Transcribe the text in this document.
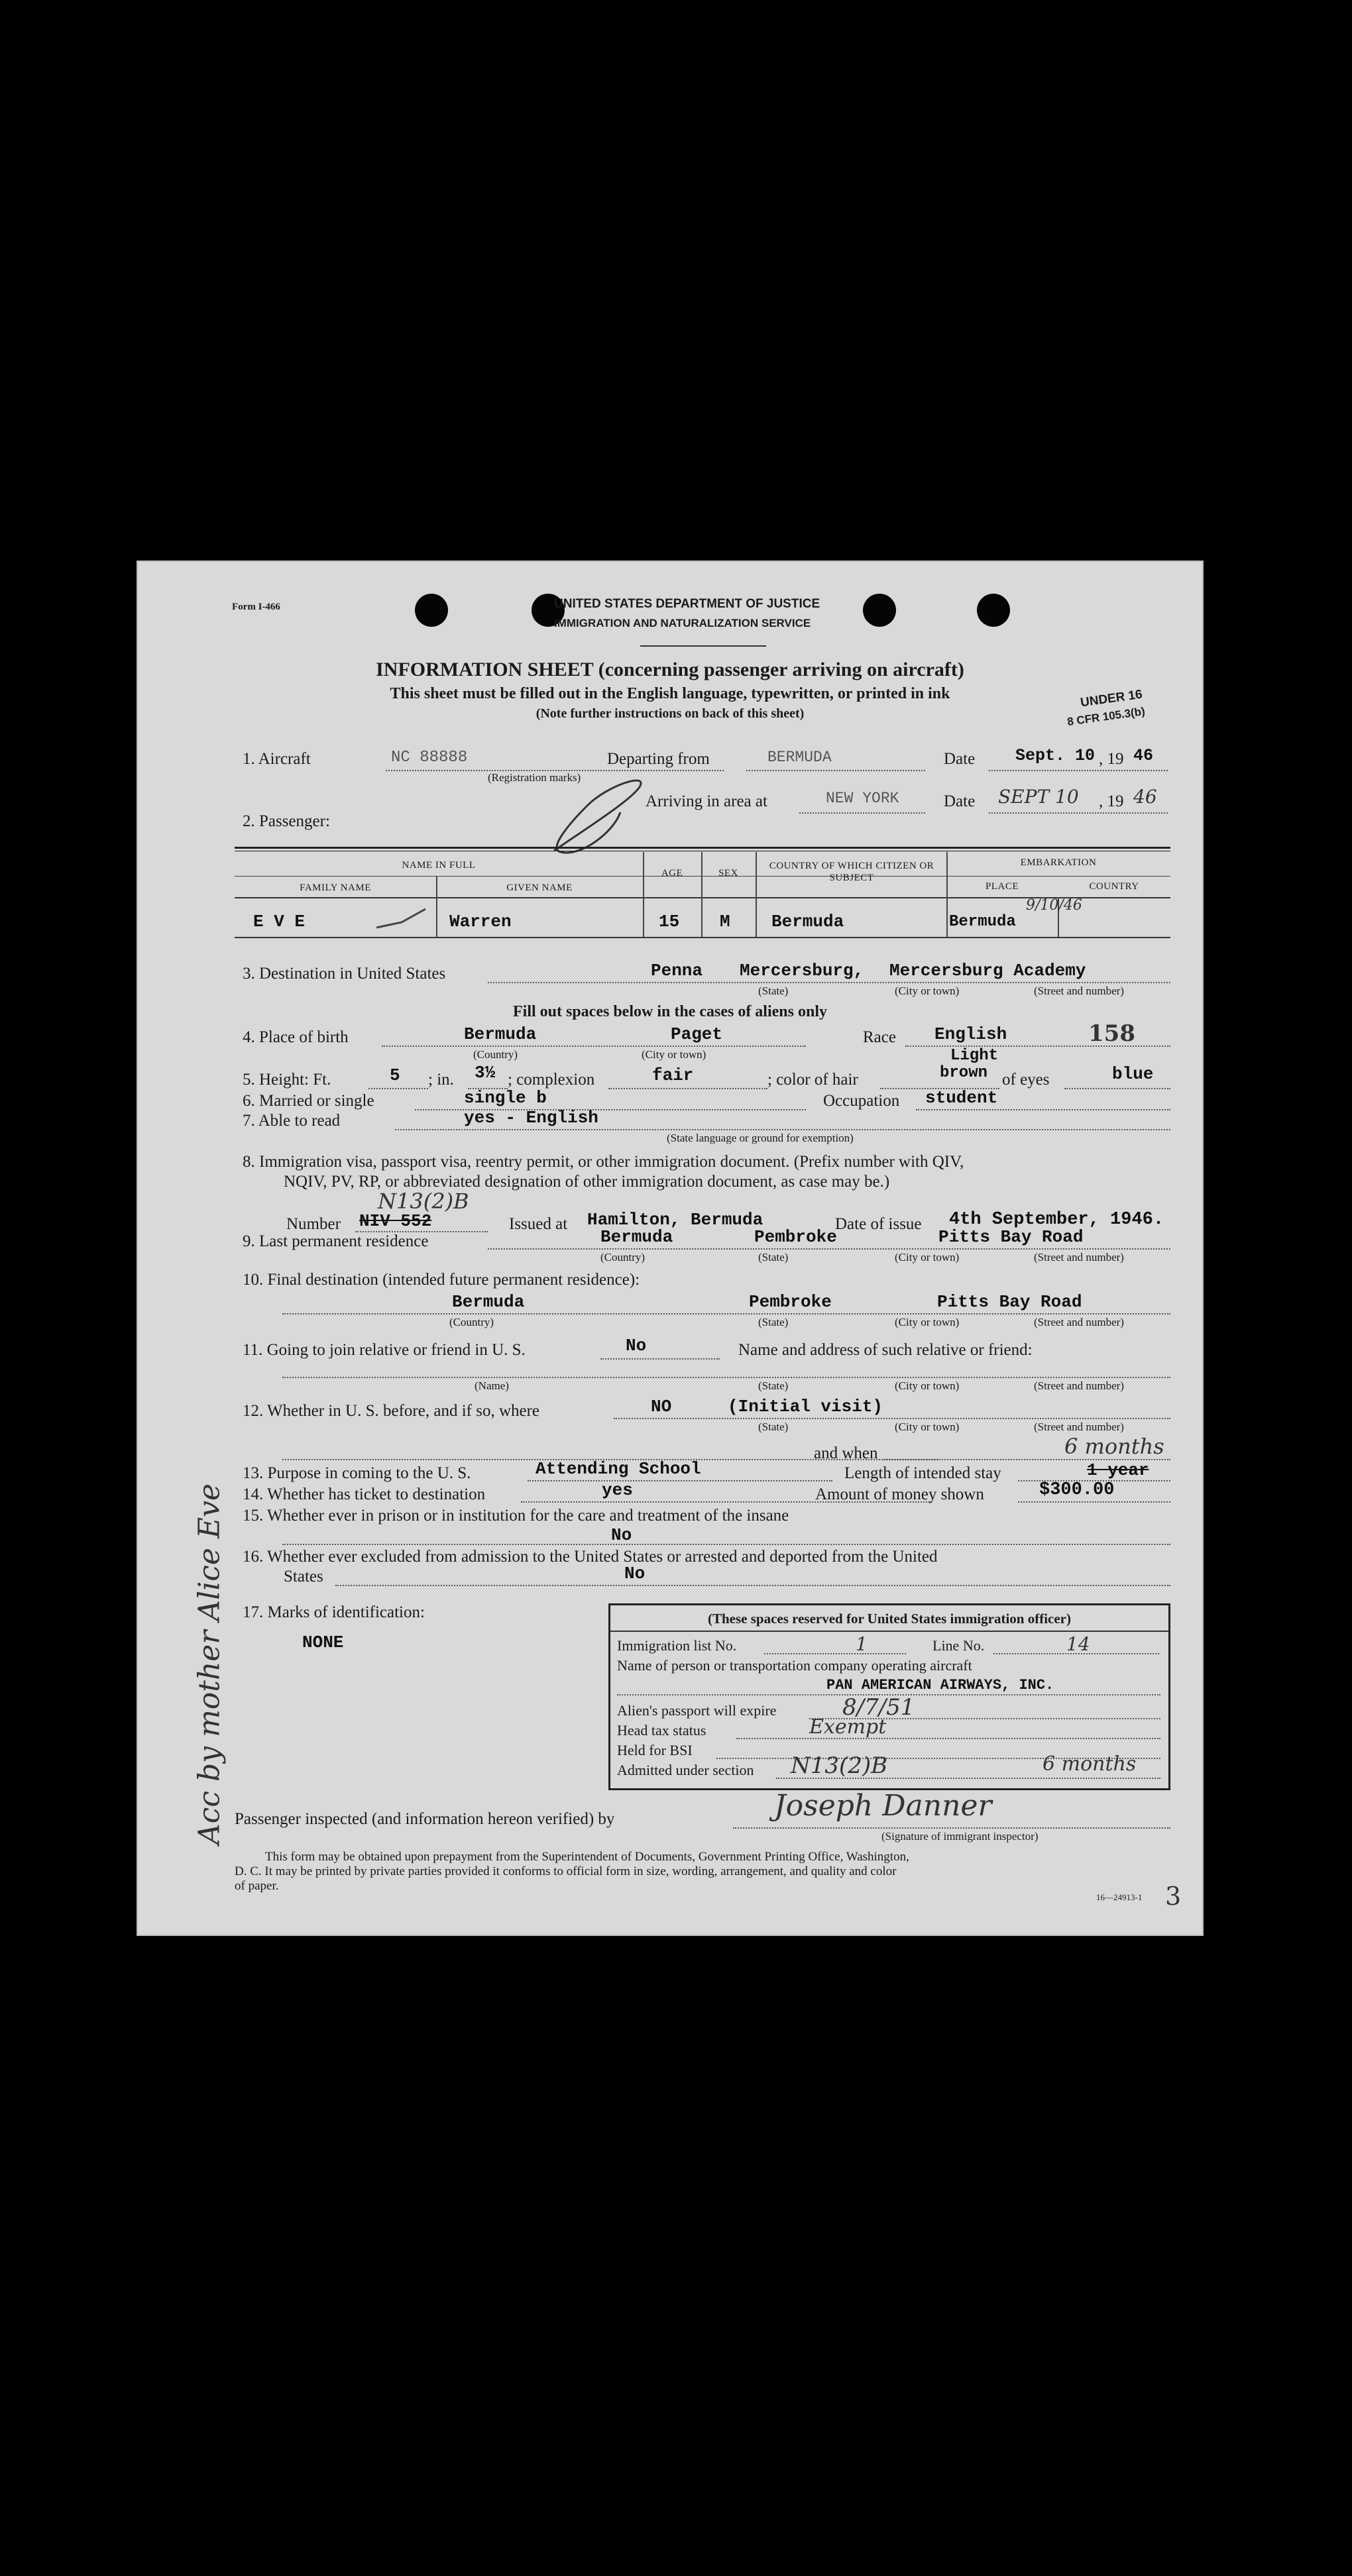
Form I-466	UNITED STATES DEPARTMENT OF JUSTICE
IMMIGRATION AND NATURALIZATION SERVICE
INFORMATION SHEET (concerning passenger arriving on aircraft)
This sheet must be filled out in the English language, typewritten, or printed in ink
(Note further instructions on back of this sheet)
UNDER 16
8 CFR 105.3(b)
1. Aircraft	NC 88888
(Registration marks)
Departing from	BERMUDA	Date Sept. 10 , 19 46
2. Passenger:
Arriving in area at	NEW YORK	Date SEPT 10 , 19 46
NAME IN FULL
FAMILY NAME	GIVEN NAME
AGE	SEX
COUNTRY OF WHICH CITIZEN OR SUBJECT
EMBARKATION
PLACE	COUNTRY
E V E	Warren	15 M Bermuda	Bermuda
9/10/46
3. Destination in United States	Penna Mercersburg, Mercersburg Academy
(State)	(City or town)	(Street and number)
Fill out spaces below in the cases of aliens only
4. Place of birth	Bermuda	Paget
(Country)	(City or town)
Race English	158
5. Height: Ft.	5 ; in. 3½ ; complexion	fair	; color of hair
Light
brown of eyes	blue
6. Married or single	single b	Occupation student
7. Able to read	yes - English
(State language or ground for exemption)
8. Immigration visa, passport visa, reentry permit, or other immigration document. (Prefix number with QIV,
NQIV, PV, RP, or abbreviated designation of other immigration document, as case may be.)
N13(2)B
Number NIV 552	Issued at Hamilton, Bermuda	Date of issue 4th September, 1946.
9. Last permanent residence	Bermuda	Pembroke	Pitts Bay Road
(Country)	(State)	(City or town)	(Street and number)
10. Final destination (intended future permanent residence):
Bermuda	Pembroke	Pitts Bay Road
(Country)	(State)	(City or town)	(Street and number)
11. Going to join relative or friend in U. S.	No	Name and address of such relative or friend:
(Name)	(State)	(City or town)	(Street and number)
12. Whether in U. S. before, and if so, where	NO	(Initial visit)
(State)	(City or town)	(Street and number)
and when
13. Purpose in coming to the U. S.	Attending School	Length of intended stay	1 year
6 months
14. Whether has ticket to destination	yes	Amount of money shown	$300.00
15. Whether ever in prison or in institution for the care and treatment of the insane
No
16. Whether ever excluded from admission to the United States or arrested and deported from the United
States	No
17. Marks of identification:
NONE
(These spaces reserved for United States immigration officer)
Immigration list No.	1	Line No.	14
Name of person or transportation company operating aircraft
PAN AMERICAN AIRWAYS, INC.
Alien's passport will expire	8/7/51
Head tax status	Exempt
Held for BSI
Admitted under section N13(2)B	6 months
Passenger inspected (and information hereon verified) by	Joseph Danner
(Signature of immigrant inspector)
This form may be obtained upon prepayment from the Superintendent of Documents, Government Printing Office, Washington,
D. C. It may be printed by private parties provided it conforms to official form in size, wording, arrangement, and quality and color
of paper.
16—24913-1 3
Acc by mother Alice Eve
